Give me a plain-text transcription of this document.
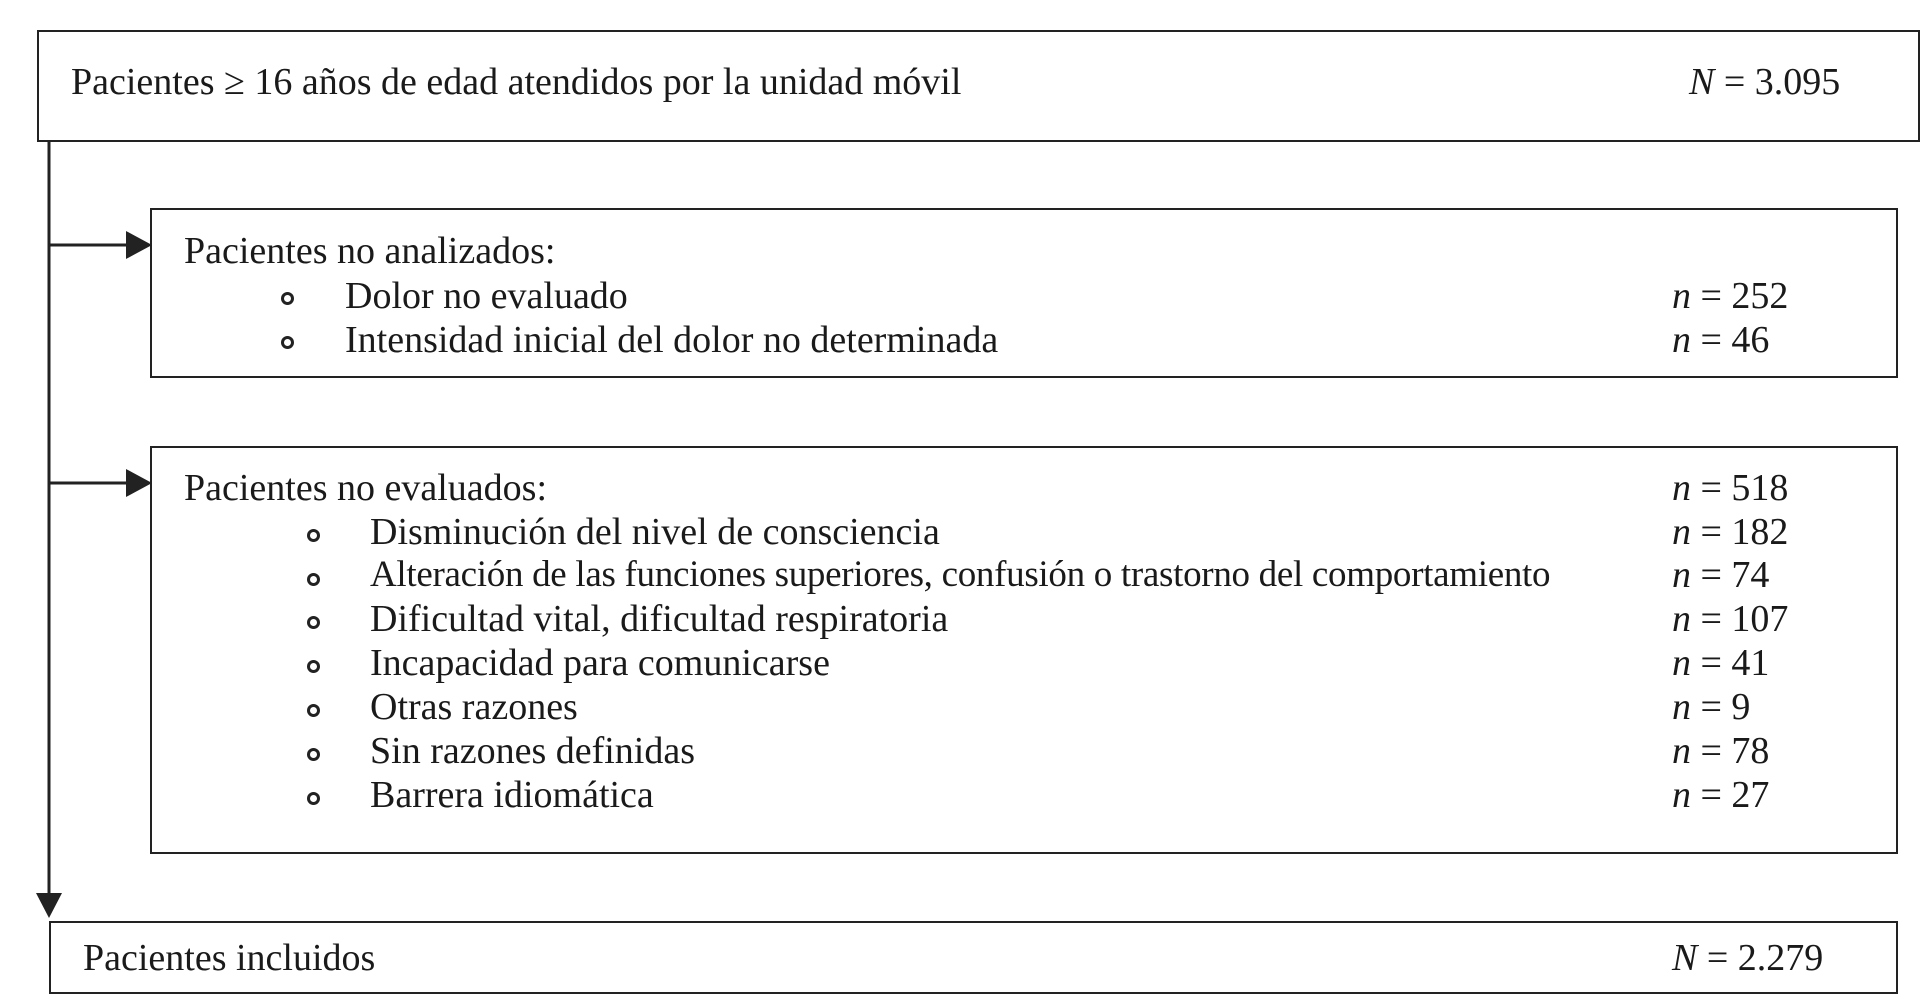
Pacientes ≥ 16 años de edad atendidos por la unidad móvil	N = 3.095
Pacientes no analizados:
Dolor no evaluado	n = 252
Intensidad inicial del dolor no determinada	n = 46
Pacientes no evaluados:	n = 518
Disminución del nivel de consciencia	n = 182
Alteración de las funciones superiores, confusión o trastorno del comportamiento	n = 74
Dificultad vital, dificultad respiratoria	n = 107
Incapacidad para comunicarse	n = 41
Otras razones	n = 9
Sin razones definidas	n = 78
Barrera idiomática	n = 27
Pacientes incluidos	N = 2.279
